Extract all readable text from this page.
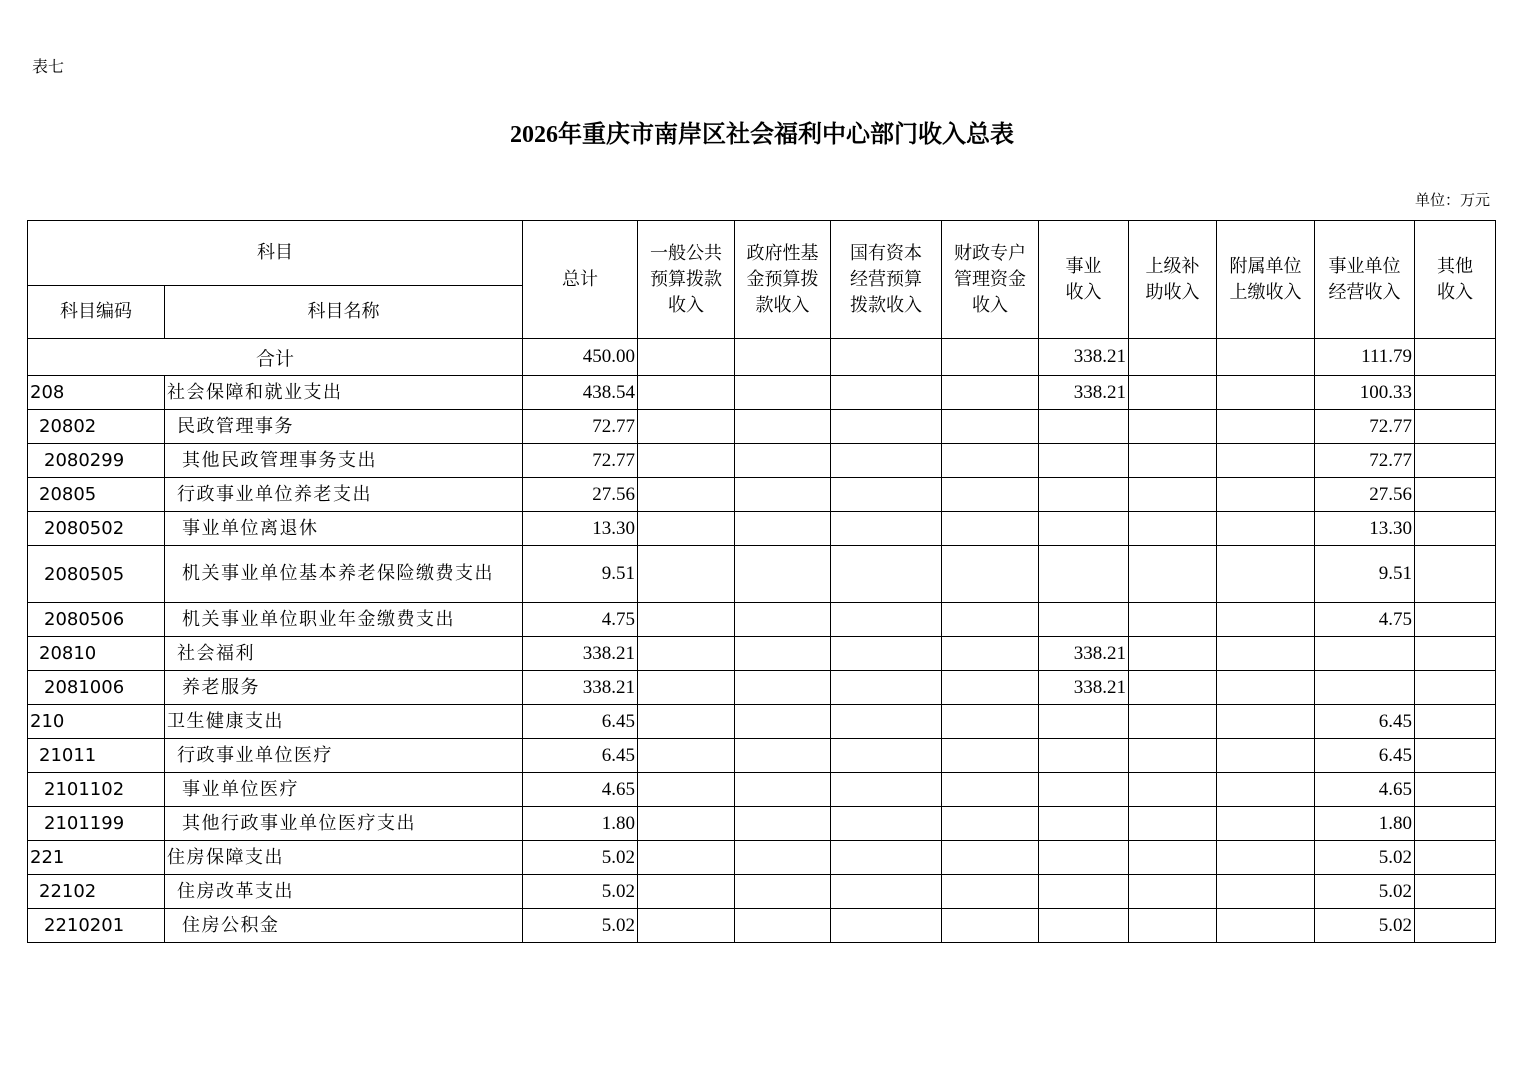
表七
2026年重庆市南岸区社会福利中心部门收入总表
单位：万元
科目		总计	一般公共
预算拨款
收入	政府性基
金预算拨
款收入	国有资本
经营预算
拨款收入	财政专户
管理资金
收入	事业
收入	上级补
助收入	附属单位
上缴收入	事业单位
经营收入	其他
收入
科目编码	科目名称										
合计		450.00					338.21			111.79	
208	社会保障和就业支出	438.54					338.21			100.33	
20802	民政管理事务	72.77								72.77	
2080299	其他民政管理事务支出	72.77								72.77	
20805	行政事业单位养老支出	27.56								27.56	
2080502	事业单位离退休	13.30								13.30	
2080505	机关事业单位基本养老保险缴费支出	9.51								9.51	
2080506	机关事业单位职业年金缴费支出	4.75								4.75	
20810	社会福利	338.21					338.21				
2081006	养老服务	338.21					338.21				
210	卫生健康支出	6.45								6.45	
21011	行政事业单位医疗	6.45								6.45	
2101102	事业单位医疗	4.65								4.65	
2101199	其他行政事业单位医疗支出	1.80								1.80	
221	住房保障支出	5.02								5.02	
22102	住房改革支出	5.02								5.02	
2210201	住房公积金	5.02								5.02	
